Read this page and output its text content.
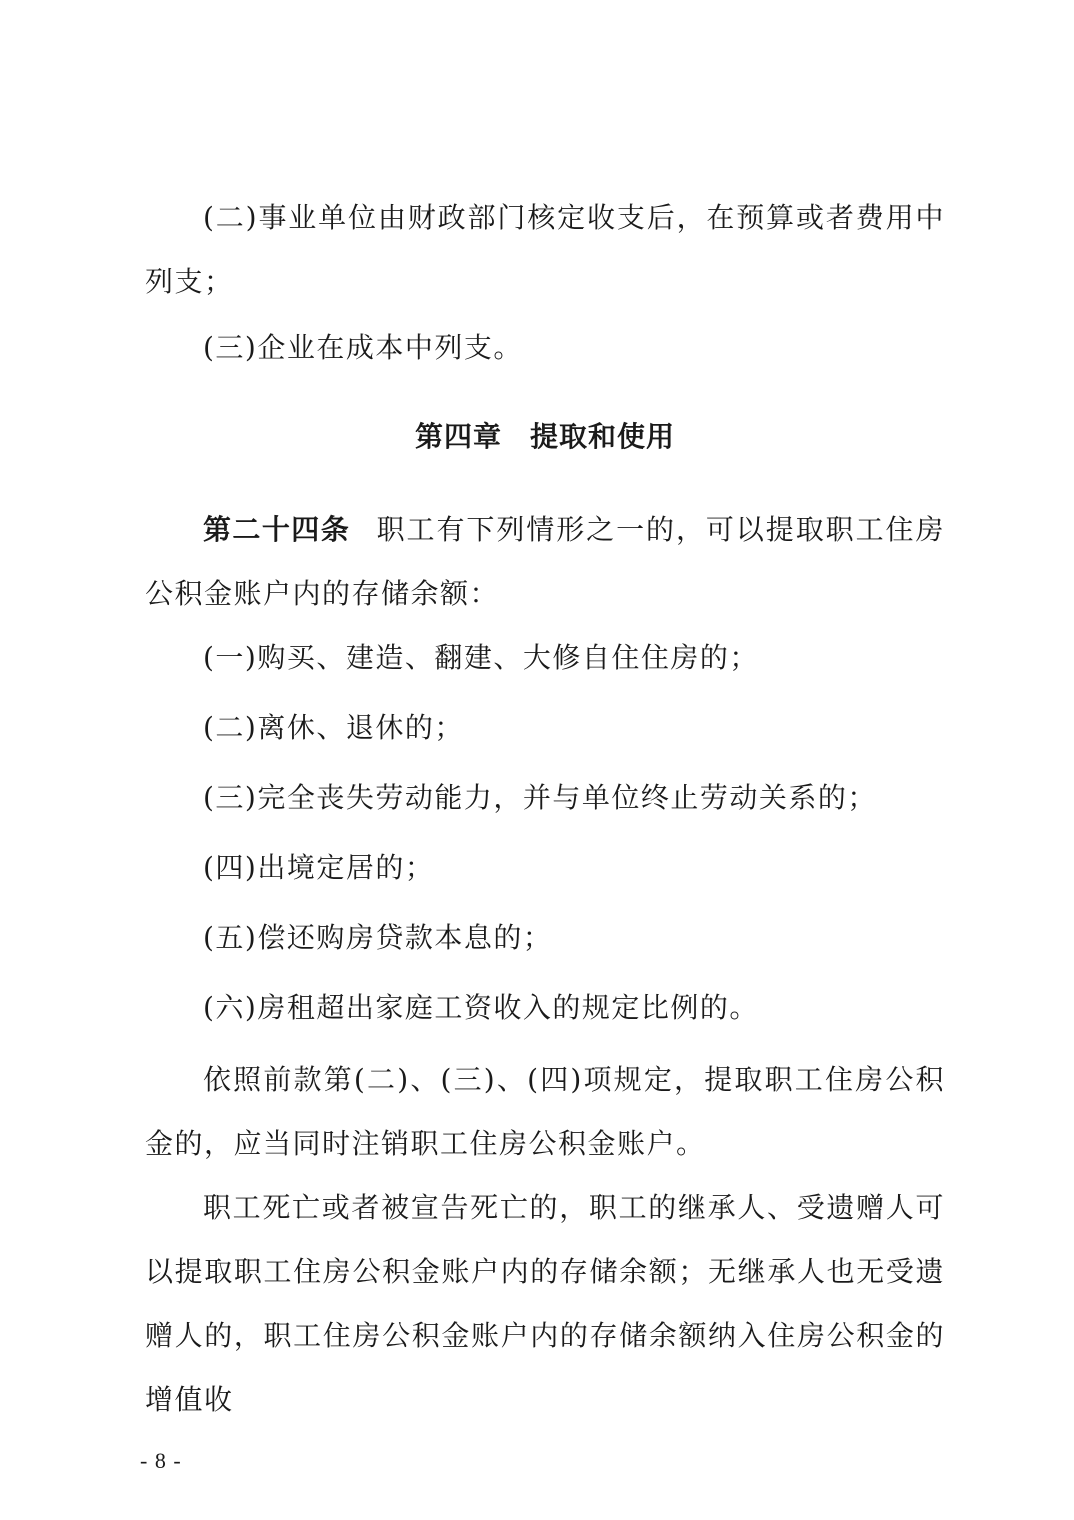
(二)事业单位由财政部门核定收支后，在预算或者费用中列支；

(三)企业在成本中列支。

第四章 提取和使用

第二十四条 职工有下列情形之一的，可以提取职工住房公积金账户内的存储余额：

(一)购买、建造、翻建、大修自住住房的；

(二)离休、退休的；

(三)完全丧失劳动能力，并与单位终止劳动关系的；

(四)出境定居的；

(五)偿还购房贷款本息的；

(六)房租超出家庭工资收入的规定比例的。

依照前款第(二)、(三)、(四)项规定，提取职工住房公积金的，应当同时注销职工住房公积金账户。

职工死亡或者被宣告死亡的，职工的继承人、受遗赠人可以提取职工住房公积金账户内的存储余额；无继承人也无受遗赠人的，职工住房公积金账户内的存储余额纳入住房公积金的增值收

- 8 -
